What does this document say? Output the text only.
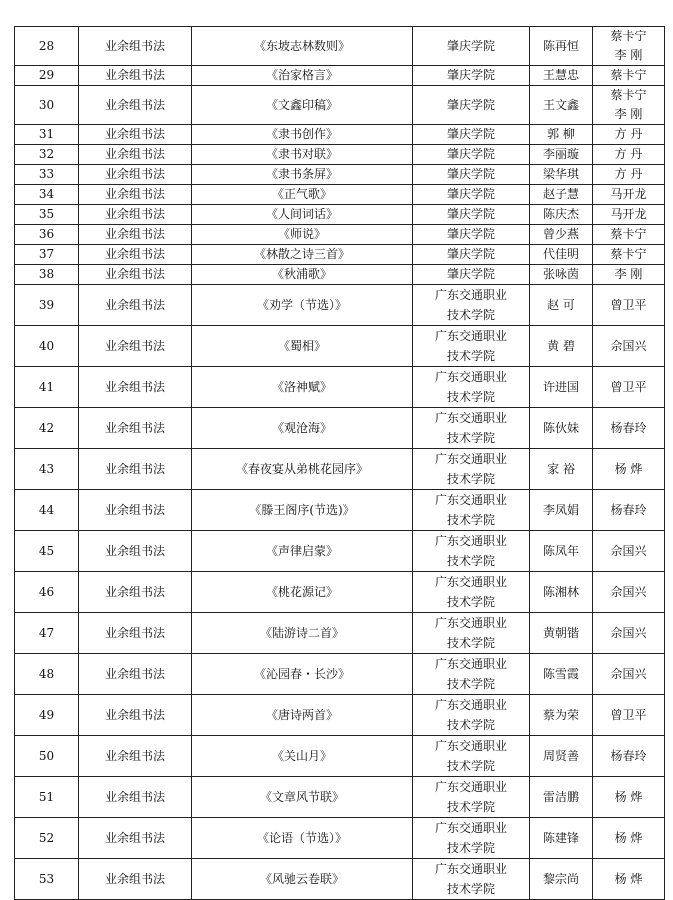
28	业余组书法	《东坡志林数则》	肇庆学院	陈再恒	蔡卡宁 李 刚
29	业余组书法	《治家格言》	肇庆学院	王慧忠	蔡卡宁
30	业余组书法	《文鑫印稿》	肇庆学院	王文鑫	蔡卡宁 李 刚
31	业余组书法	《隶书创作》	肇庆学院	郭 柳	方 丹
32	业余组书法	《隶书对联》	肇庆学院	李丽璇	方 丹
33	业余组书法	《隶书条屏》	肇庆学院	梁华琪	方 丹
34	业余组书法	《正气歌》	肇庆学院	赵子慧	马开龙
35	业余组书法	《人间词话》	肇庆学院	陈庆杰	马开龙
36	业余组书法	《师说》	肇庆学院	曾少燕	蔡卡宁
37	业余组书法	《林散之诗三首》	肇庆学院	代佳明	蔡卡宁
38	业余组书法	《秋浦歌》	肇庆学院	张咏茵	李 刚
39	业余组书法	《劝学（节选）》	广东交通职业技术学院	赵 可	曾卫平
40	业余组书法	《蜀相》	广东交通职业技术学院	黄 碧	佘国兴
41	业余组书法	《洛神赋》	广东交通职业技术学院	许进国	曾卫平
42	业余组书法	《观沧海》	广东交通职业技术学院	陈伙妹	杨春玲
43	业余组书法	《春夜宴从弟桃花园序》	广东交通职业技术学院	家 裕	杨 烨
44	业余组书法	《滕王阁序(节选)》	广东交通职业技术学院	李凤娟	杨春玲
45	业余组书法	《声律启蒙》	广东交通职业技术学院	陈凤年	佘国兴
46	业余组书法	《桃花源记》	广东交通职业技术学院	陈湘林	佘国兴
47	业余组书法	《陆游诗二首》	广东交通职业技术学院	黄朝锴	佘国兴
48	业余组书法	《沁园春・长沙》	广东交通职业技术学院	陈雪霞	佘国兴
49	业余组书法	《唐诗两首》	广东交通职业技术学院	蔡为荣	曾卫平
50	业余组书法	《关山月》	广东交通职业技术学院	周贤善	杨春玲
51	业余组书法	《文章风节联》	广东交通职业技术学院	雷洁鹏	杨 烨
52	业余组书法	《论语（节选）》	广东交通职业技术学院	陈建锋	杨 烨
53	业余组书法	《风驰云卷联》	广东交通职业技术学院	黎宗尚	杨 烨
